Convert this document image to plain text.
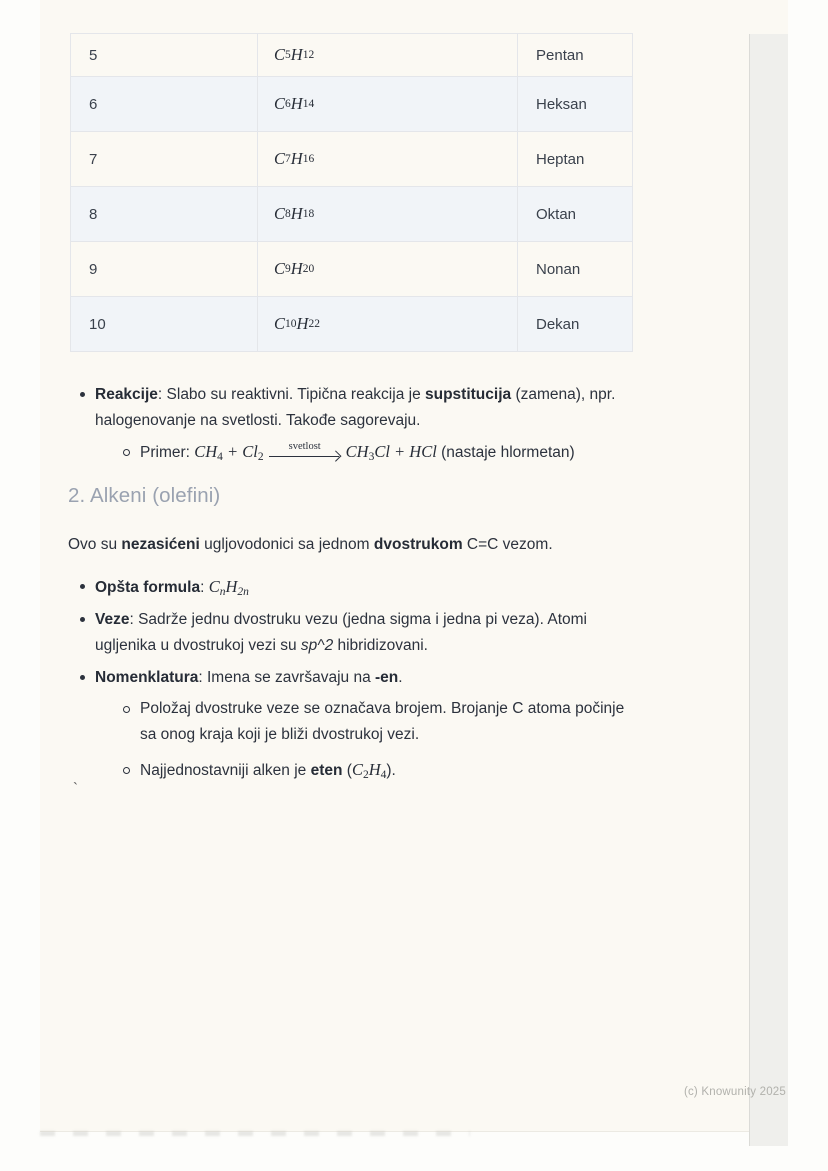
5	C 5 H 12	Pentan
6	C 6 H 14	Heksan
7	C 7 H 16	Heptan
8	C 8 H 18	Oktan
9	C 9 H 20	Nonan
10	C 10 H 22	Dekan
Reakcije: Slabo su reaktivni. Tipična reakcija je supstitucija (zamena), npr.
halogenovanje na svetlosti. Takođe sagorevaju.
Primer: $CH_4 + Cl_2$
svetlost $CH_3Cl$ + HCl (nastaje hlormetan)
2. Alkeni (olefini)

Ovo su nezasićeni ugljovodonici sa jednom dvostrukom C=C vezom.

Opšta formula: $C_nH_{2n}$
Veze: Sadrže jednu dvostruku vezu (jedna sigma i jedna pi veza). Atomi
ugljenika u dvostrukoj vezi su sp^2 hibridizovani.
Nomenklatura: Imena se završavaju na -en.
Položaj dvostruke veze se označava brojem. Brojanje C atoma počinje
sa onog kraja koji je bliži dvostrukoj vezi.
Najjednostavniji alken je eten $(C_2H_4)$.
`
(c) Knowunity 2025
